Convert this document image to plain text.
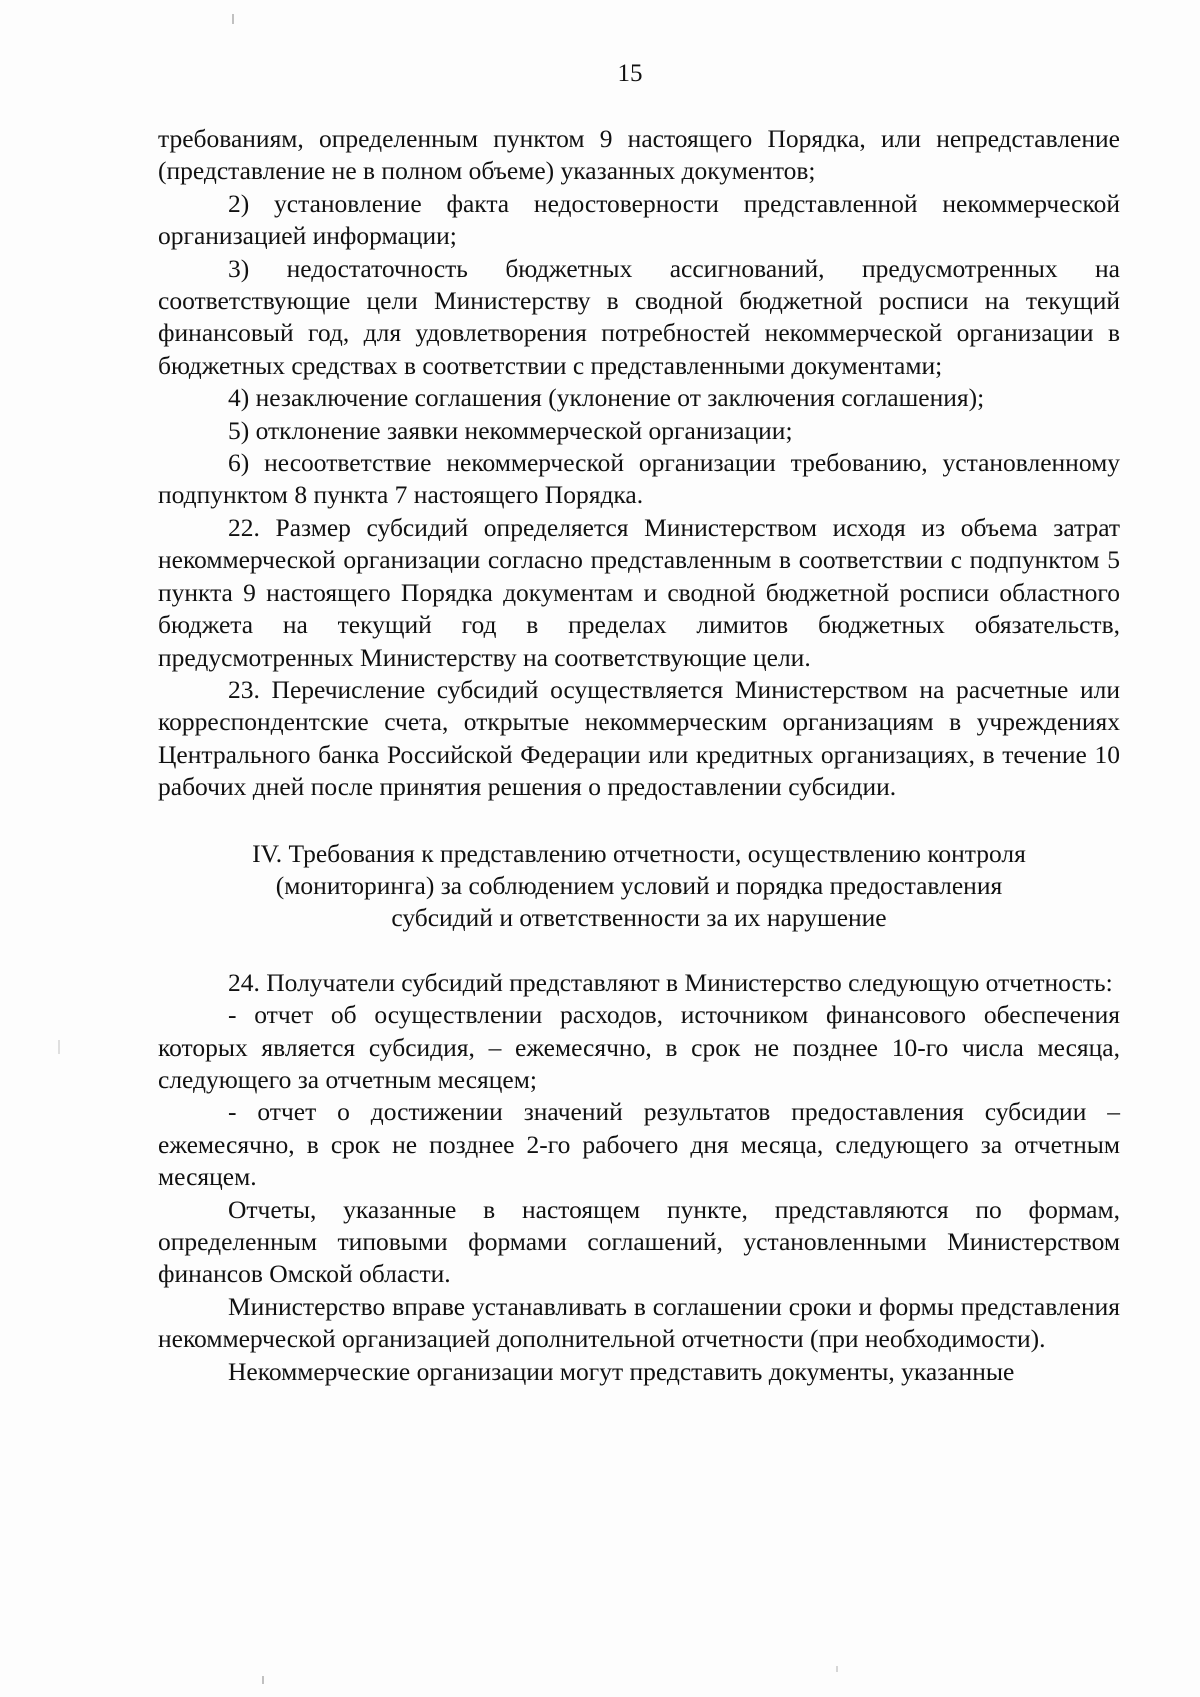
15

требованиям, определенным пунктом 9 настоящего Порядка, или непредставление (представление не в полном объеме) указанных документов;

2) установление факта недостоверности представленной некоммерческой организацией информации;

3) недостаточность бюджетных ассигнований, предусмотренных на соответствующие цели Министерству в сводной бюджетной росписи на текущий финансовый год, для удовлетворения потребностей некоммерческой организации в бюджетных средствах в соответствии с представленными документами;

4) незаключение соглашения (уклонение от заключения соглашения);

5) отклонение заявки некоммерческой организации;

6) несоответствие некоммерческой организации требованию, установленному подпунктом 8 пункта 7 настоящего Порядка.

22. Размер субсидий определяется Министерством исходя из объема затрат некоммерческой организации согласно представленным в соответствии с подпунктом 5 пункта 9 настоящего Порядка документам и сводной бюджетной росписи областного бюджета на текущий год в пределах лимитов бюджетных обязательств, предусмотренных Министерству на соответствующие цели.

23. Перечисление субсидий осуществляется Министерством на расчетные или корреспондентские счета, открытые некоммерческим организациям в учреждениях Центрального банка Российской Федерации или кредитных организациях, в течение 10 рабочих дней после принятия решения о предоставлении субсидии.

IV. Требования к представлению отчетности, осуществлению контроля
(мониторинга) за соблюдением условий и порядка предоставления
субсидий и ответственности за их нарушение

24. Получатели субсидий представляют в Министерство следующую отчетность:

- отчет об осуществлении расходов, источником финансового обеспечения которых является субсидия, – ежемесячно, в срок не позднее 10-го числа месяца, следующего за отчетным месяцем;

- отчет о достижении значений результатов предоставления субсидии – ежемесячно, в срок не позднее 2-го рабочего дня месяца, следующего за отчетным месяцем.

Отчеты, указанные в настоящем пункте, представляются по формам, определенным типовыми формами соглашений, установленными Министерством финансов Омской области.

Министерство вправе устанавливать в соглашении сроки и формы представления некоммерческой организацией дополнительной отчетности (при необходимости).

Некоммерческие организации могут представить документы, указанные
